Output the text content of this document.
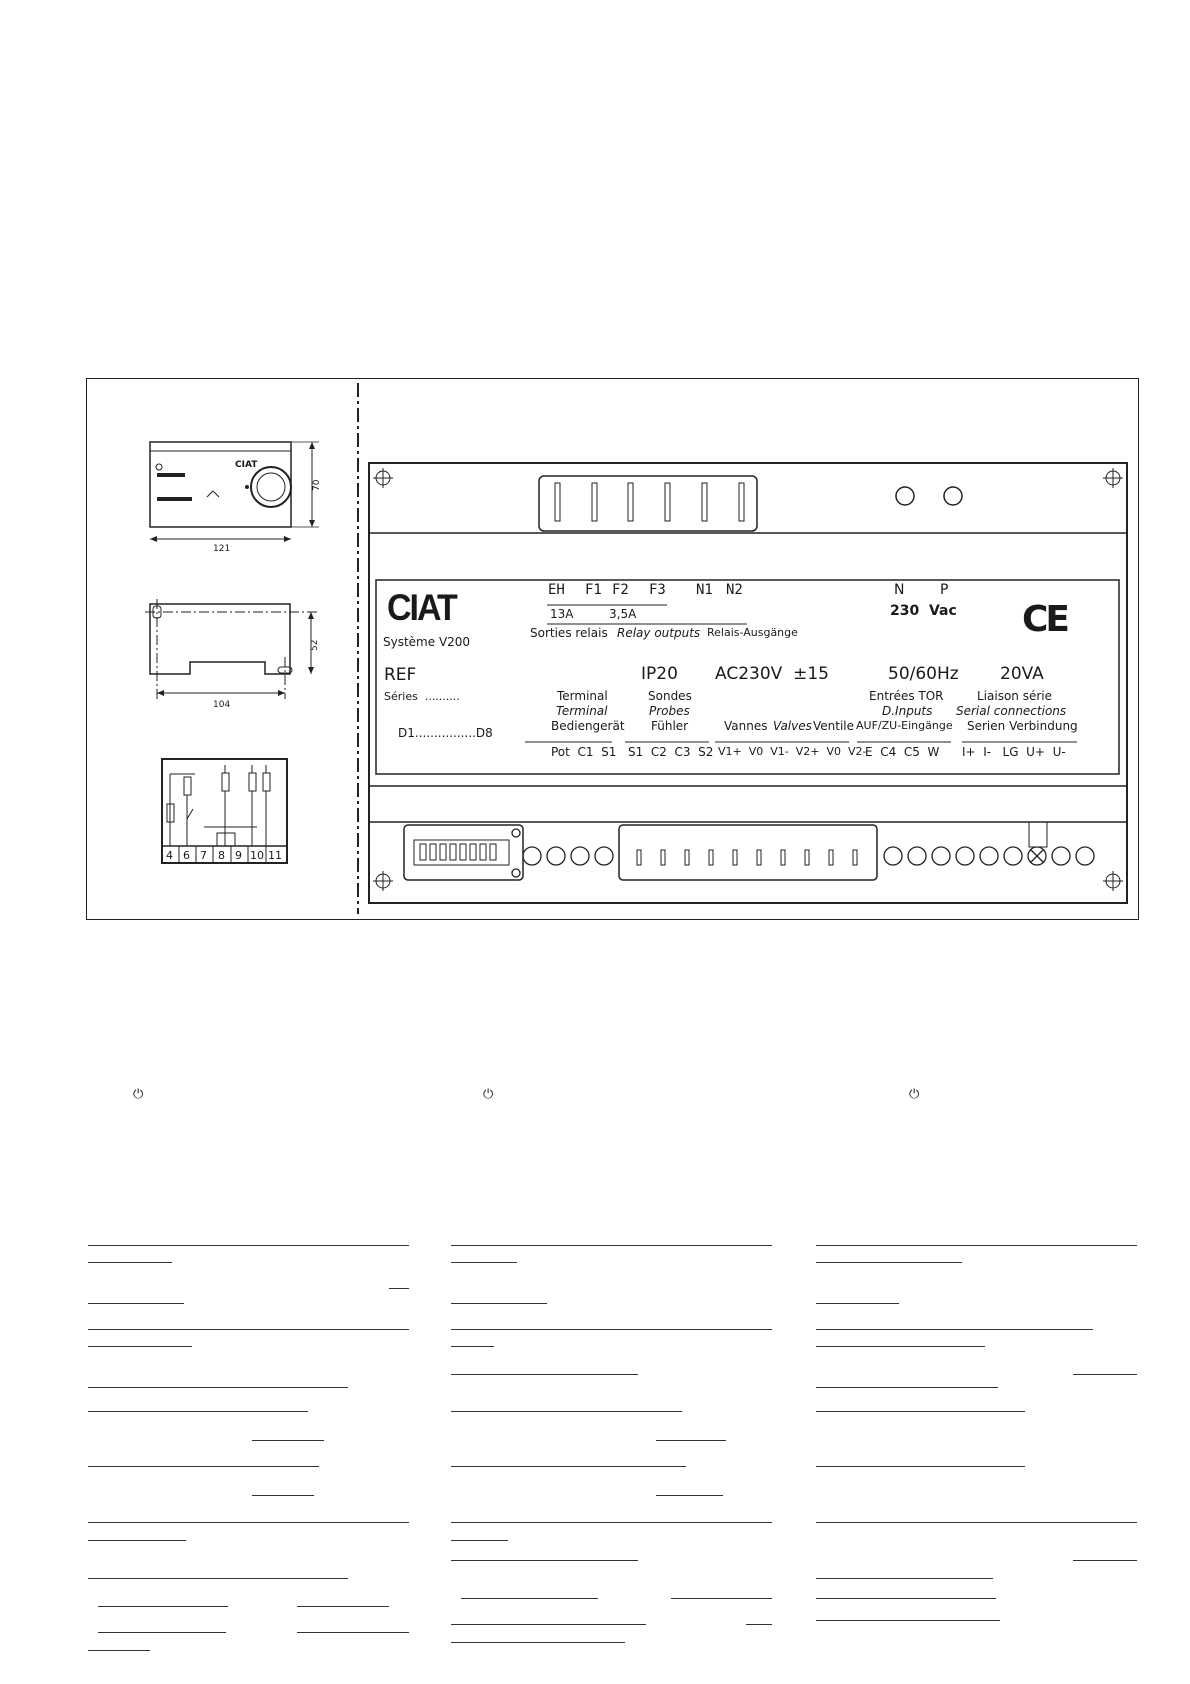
CIAT
121
70
52
104
4 6 7 8 9 10 11
CIAT
Système V200
EH F1 F2 F3 N1 N2
13A	3,5A
Sorties relais Relay outputs Relais-Ausgänge
N	P
230  Vac CE
REF
Séries  ..........
D1................D8
IP20 AC230V  ±15	50/60Hz 20VA
Terminal
Terminal
Bediengerät
Pot  C1  S1
Sondes
Probes
Fühler
S1  C2  C3  S2
Vannes Valves Ventile
V1+  V0  V1-  V2+  V0  V2-
Entrées TOR
D.Inputs
AUF/ZU-Eingänge
E  C4  C5  W
Liaison série
Serial connections
Serien Verbindung
I+  I-   LG  U+  U-
⏻	⏻	⏻
